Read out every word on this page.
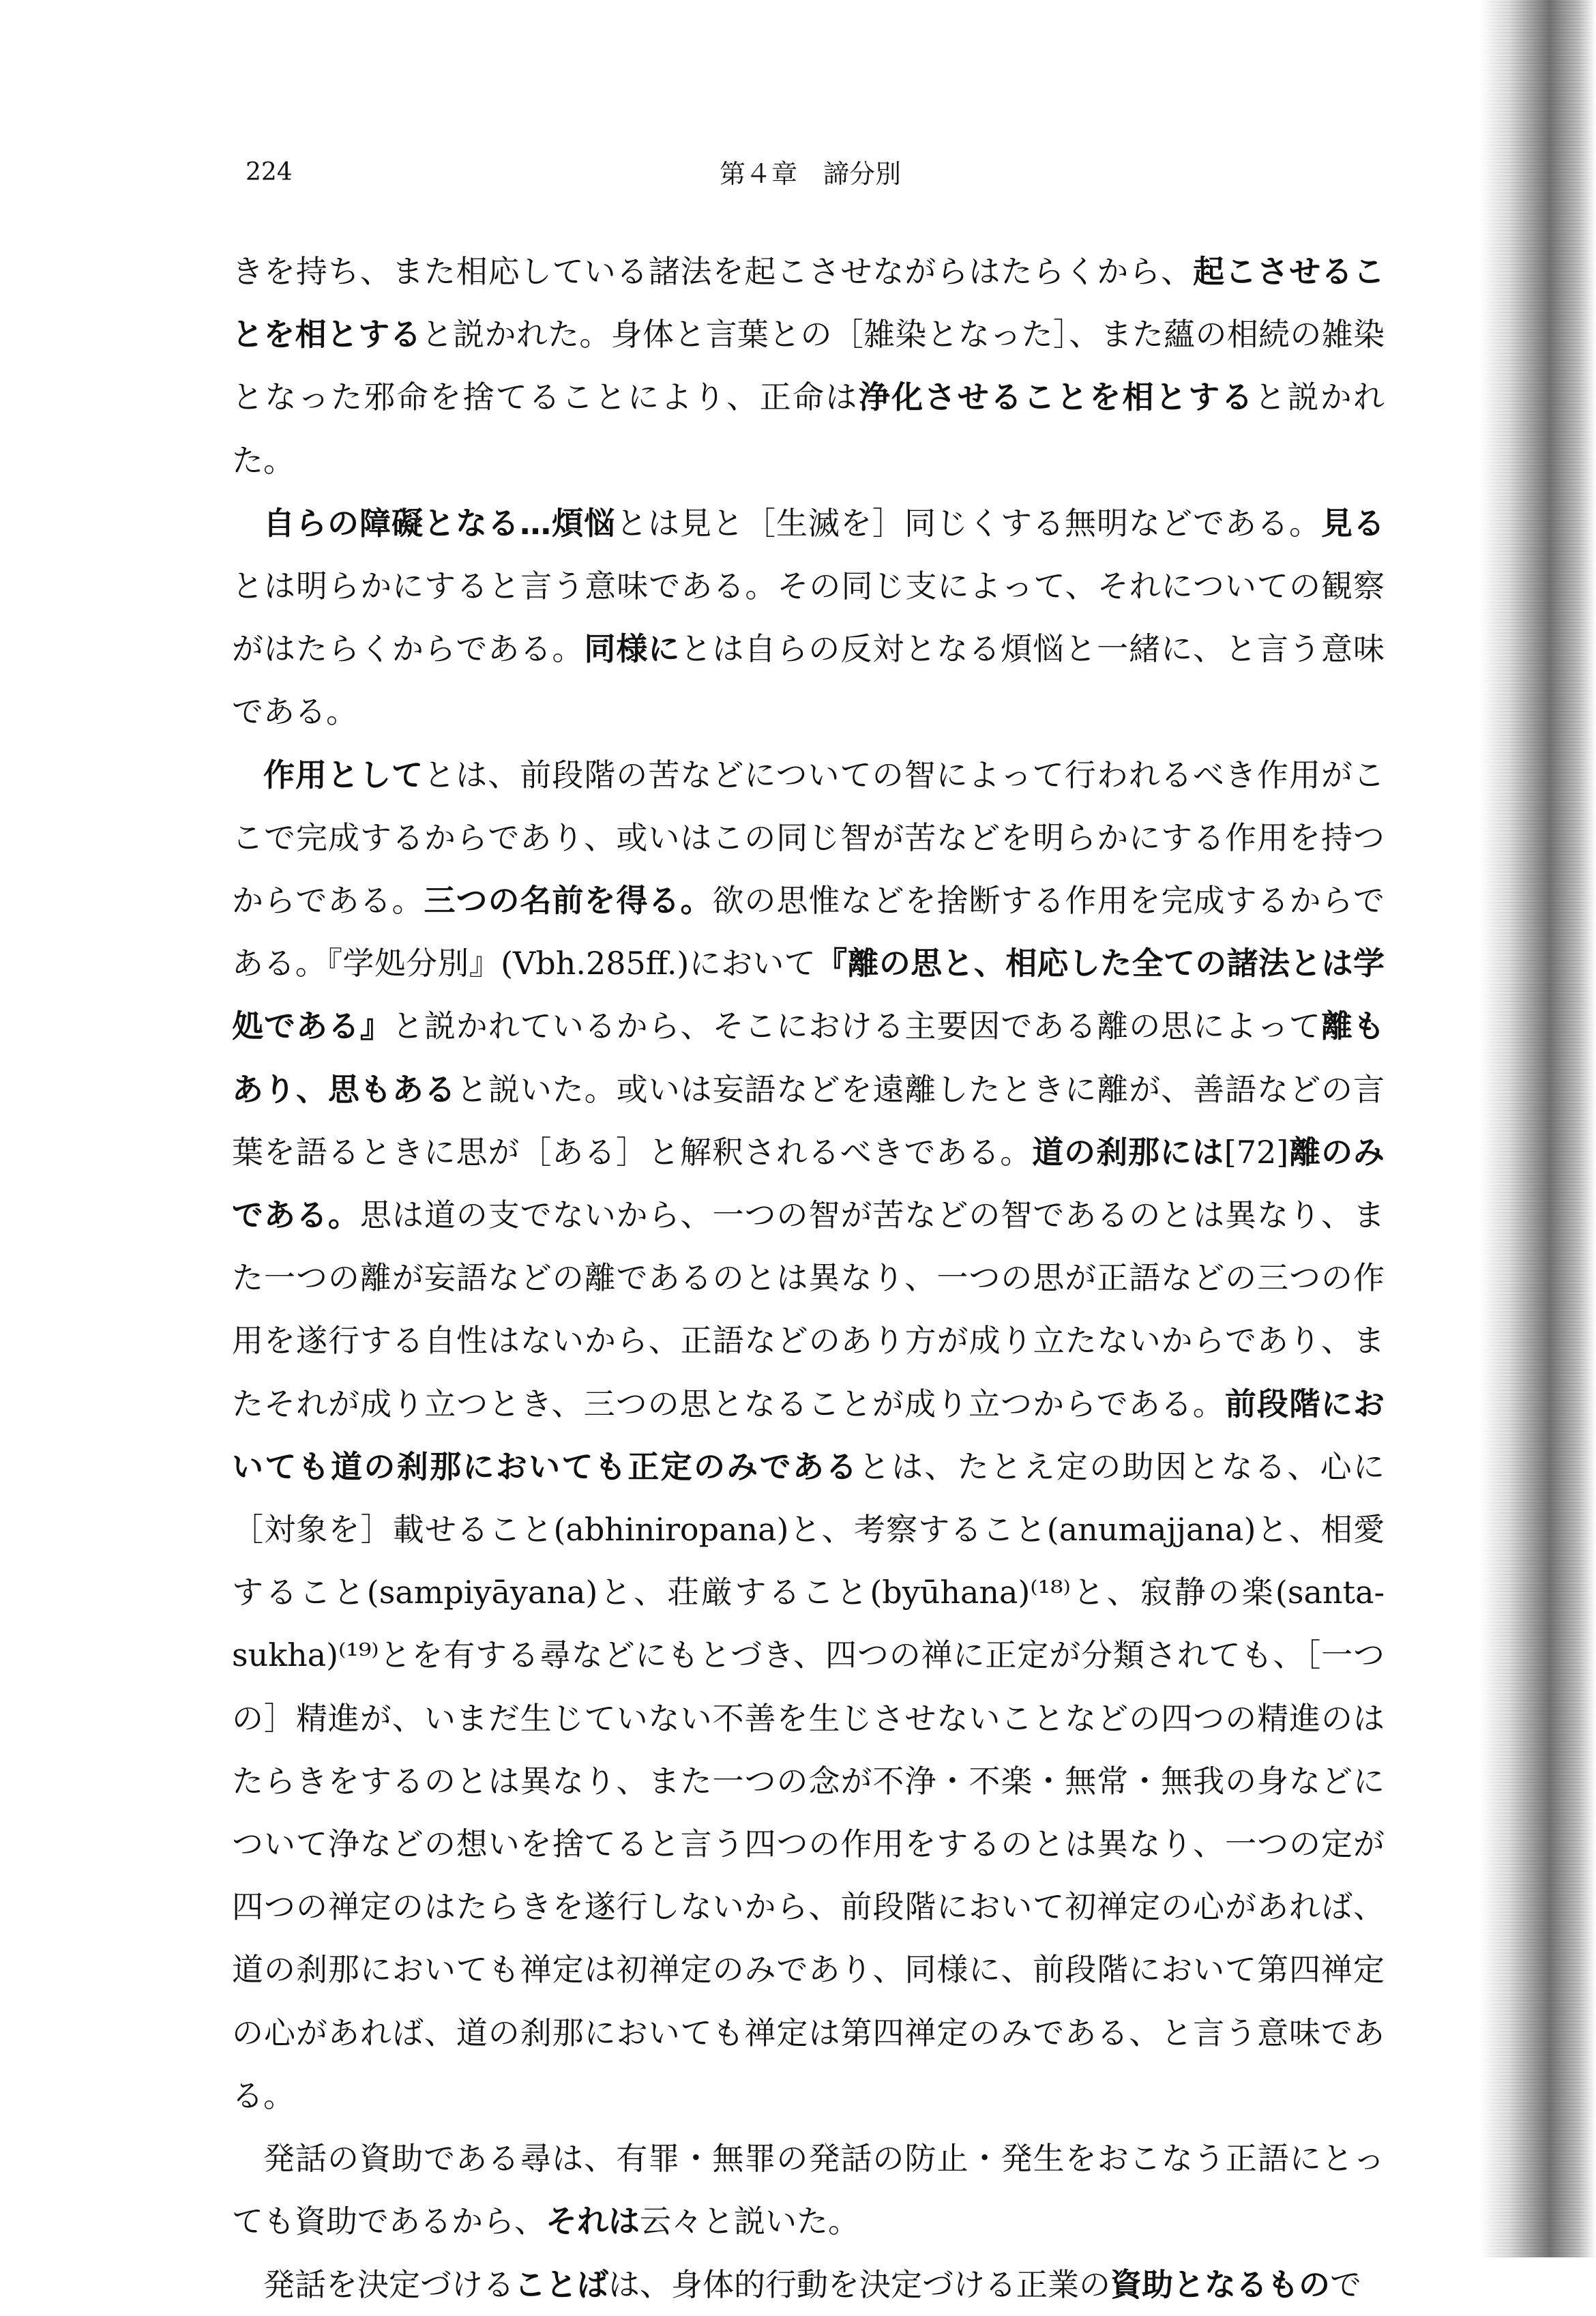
224	第４章　諦分別

きを持ち、また相応している諸法を起こさせながらはたらくから、起こさせることを相とすると説かれた。身体と言葉との［雑染となった］、また蘊の相続の雑染となった邪命を捨てることにより、正命は浄化させることを相とすると説かれた。

自らの障礙となる…煩悩とは見と［生滅を］同じくする無明などである。見るとは明らかにすると言う意味である。その同じ支によって、それについての観察がはたらくからである。同様にとは自らの反対となる煩悩と一緒に、と言う意味である。

作用としてとは、前段階の苦などについての智によって行われるべき作用がここで完成するからであり、或いはこの同じ智が苦などを明らかにする作用を持つからである。三つの名前を得る。欲の思惟などを捨断する作用を完成するからである。『学処分別』(Vbh.285ff.)において『離の思と、相応した全ての諸法とは学処である』と説かれているから、そこにおける主要因である離の思によって離もあり、思もあると説いた。或いは妄語などを遠離したときに離が、善語などの言葉を語るときに思が［ある］と解釈されるべきである。道の刹那には[72]離のみである。思は道の支でないから、一つの智が苦などの智であるのとは異なり、また一つの離が妄語などの離であるのとは異なり、一つの思が正語などの三つの作用を遂行する自性はないから、正語などのあり方が成り立たないからであり、またそれが成り立つとき、三つの思となることが成り立つからである。前段階においても道の刹那においても正定のみであるとは、たとえ定の助因となる、心に［対象を］載せること(abhiniropana)と、考察すること(anumajjana)と、相愛すること(sampiyāyana)と、荘厳すること(byūhana)⁽¹⁸⁾と、寂静の楽(santa-sukha)⁽¹⁹⁾とを有する尋などにもとづき、四つの禅に正定が分類されても、［一つの］精進が、いまだ生じていない不善を生じさせないことなどの四つの精進のはたらきをするのとは異なり、また一つの念が不浄・不楽・無常・無我の身などについて浄などの想いを捨てると言う四つの作用をするのとは異なり、一つの定が四つの禅定のはたらきを遂行しないから、前段階において初禅定の心があれば、道の刹那においても禅定は初禅定のみであり、同様に、前段階において第四禅定の心があれば、道の刹那においても禅定は第四禅定のみである、と言う意味である。

発話の資助である尋は、有罪・無罪の発話の防止・発生をおこなう正語にとっても資助であるから、それは云々と説いた。

発話を決定づけることばは、身体的行動を決定づける正業の資助となるもので
